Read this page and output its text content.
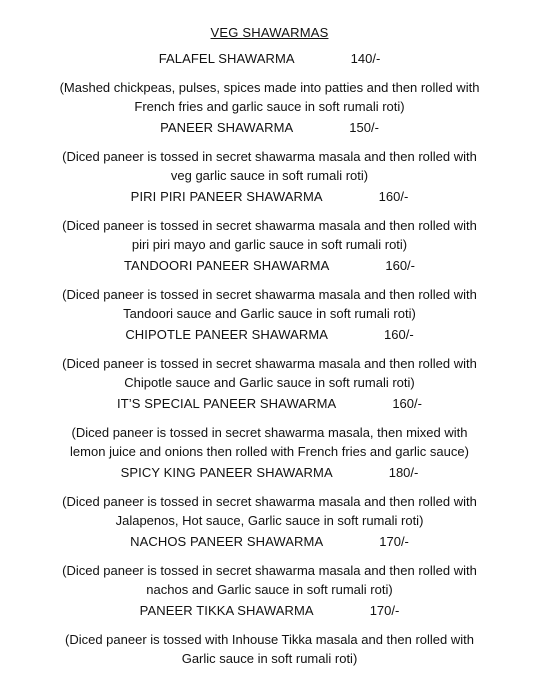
VEG SHAWARMAS
FALAFEL SHAWARMA	140/-
(Mashed chickpeas, pulses, spices made into patties and then rolled with
French fries and garlic sauce in soft rumali roti)
PANEER SHAWARMA	150/-
(Diced paneer is tossed in secret shawarma masala and then rolled with
veg garlic sauce in soft rumali roti)
PIRI PIRI PANEER SHAWARMA	160/-
(Diced paneer is tossed in secret shawarma masala and then rolled with
piri piri mayo and garlic sauce in soft rumali roti)
TANDOORI PANEER SHAWARMA	160/-
(Diced paneer is tossed in secret shawarma masala and then rolled with
Tandoori sauce and Garlic sauce in soft rumali roti)
CHIPOTLE PANEER SHAWARMA	160/-
(Diced paneer is tossed in secret shawarma masala and then rolled with
Chipotle sauce and Garlic sauce in soft rumali roti)
IT’S SPECIAL PANEER SHAWARMA	160/-
(Diced paneer is tossed in secret shawarma masala, then mixed with
lemon juice and onions then rolled with French fries and garlic sauce)
SPICY KING PANEER SHAWARMA	180/-
(Diced paneer is tossed in secret shawarma masala and then rolled with
Jalapenos, Hot sauce, Garlic sauce in soft rumali roti)
NACHOS PANEER SHAWARMA	170/-
(Diced paneer is tossed in secret shawarma masala and then rolled with
nachos and Garlic sauce in soft rumali roti)
PANEER TIKKA SHAWARMA	170/-
(Diced paneer is tossed with Inhouse Tikka masala and then rolled with
Garlic sauce in soft rumali roti)
